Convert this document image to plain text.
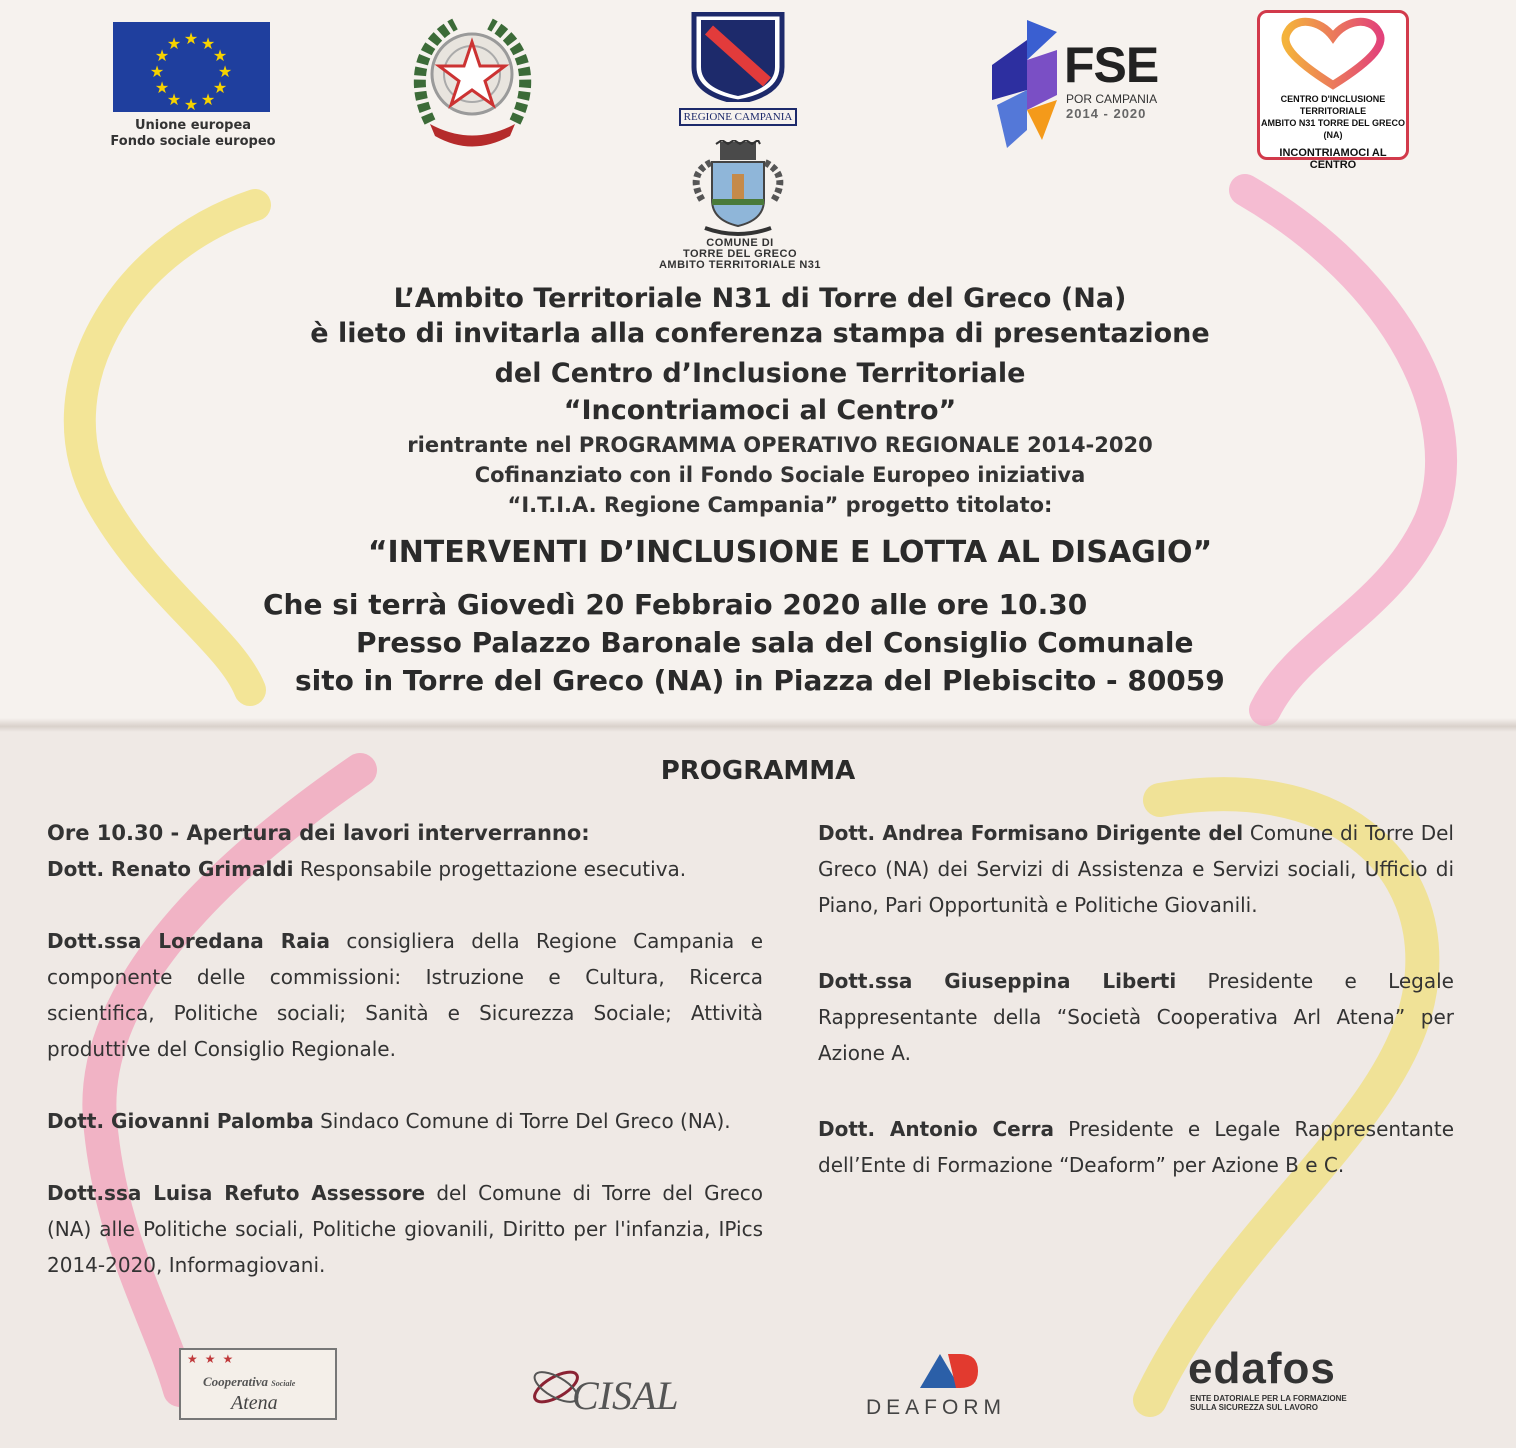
★ ★
★
★
★
★
★
★
★
★
★
★
Unione europea
Fondo sociale europeo
REGIONE CAMPANIA
FSE
POR CAMPANIA
2014 - 2020
CENTRO D'INCLUSIONE TERRITORIALE
AMBITO N31 TORRE DEL GRECO (NA)
INCONTRIAMOCI AL CENTRO
COMUNE DI
TORRE DEL GRECO
AMBITO TERRITORIALE N31
L’Ambito Territoriale N31 di Torre del Greco (Na)
è lieto di invitarla alla conferenza stampa di presentazione
del Centro d’Inclusione Territoriale
“Incontriamoci al Centro”
rientrante nel PROGRAMMA OPERATIVO REGIONALE 2014-2020
Cofinanziato con il Fondo Sociale Europeo iniziativa
“I.T.I.A. Regione Campania” progetto titolato:
“INTERVENTI D’INCLUSIONE E LOTTA AL DISAGIO”
Che si terrà Giovedì 20 Febbraio 2020 alle ore 10.30
Presso Palazzo Baronale sala del Consiglio Comunale
sito in Torre del Greco (NA) in Piazza del Plebiscito - 80059
PROGRAMMA

Ore 10.30 - Apertura dei lavori interverranno:

Dott. Renato Grimaldi Responsabile progettazione esecutiva.

Dott.ssa Loredana Raia consigliera della Regione Campania e componente delle commissioni: Istruzione e Cultura, Ricerca scientifica, Politiche sociali; Sanità e Sicurezza Sociale; Attività produttive del Consiglio Regionale.

Dott. Giovanni Palomba Sindaco Comune di Torre Del Greco (NA).

Dott.ssa Luisa Refuto Assessore del Comune di Torre del Greco (NA) alle Politiche sociali, Politiche giovanili, Diritto per l'infanzia, IPics 2014-2020, Informagiovani.

Dott. Andrea Formisano Dirigente del Comune di Torre Del Greco (NA) dei Servizi di Assistenza e Servizi sociali, Ufficio di Piano, Pari Opportunità e Politiche Giovanili.

Dott.ssa Giuseppina Liberti Presidente e Legale Rappresentante della “Società Cooperativa Arl Atena” per Azione A.

Dott. Antonio Cerra Presidente e Legale Rappresentante dell’Ente di Formazione “Deaform” per Azione B e C.

★ ★ ★
Cooperativa Sociale
Atena	CISAL	DEAFORM
edafos
ENTE DATORIALE PER LA FORMAZIONE
SULLA SICUREZZA SUL LAVORO
